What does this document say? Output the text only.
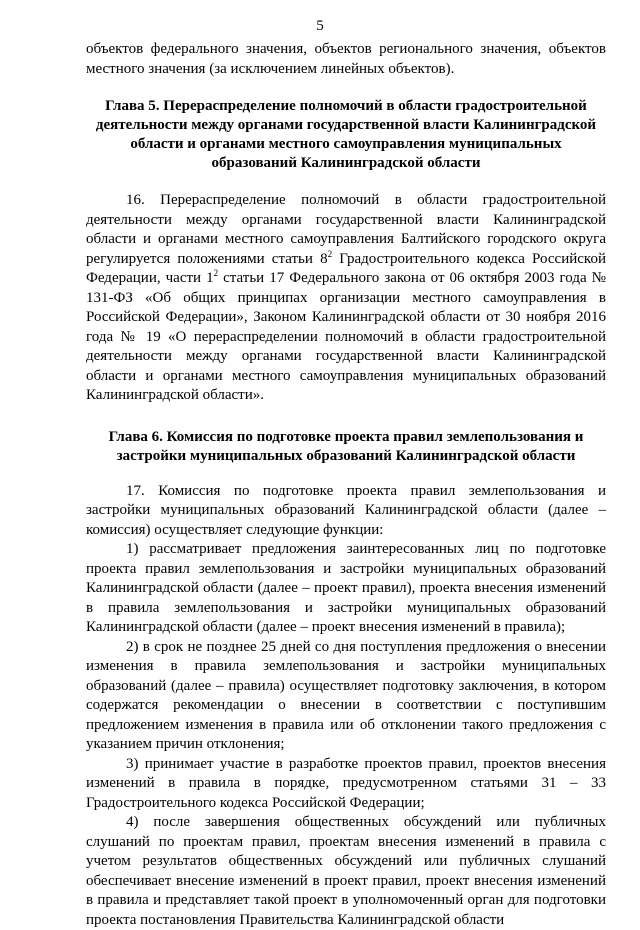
5

объектов федерального значения, объектов регионального значения, объектов местного значения (за исключением линейных объектов).

Глава 5. Перераспределение полномочий в области градостроительной деятельности между органами государственной власти Калининградской области и органами местного самоуправления муниципальных образований Калининградской области

16. Перераспределение полномочий в области градостроительной деятельности между органами государственной власти Калининградской области и органами местного самоуправления Балтийского городского округа регулируется положениями статьи $8^2$ Градостроительного кодекса Российской Федерации, части $1^2$ статьи 17 Федерального закона от 06 октября 2003 года № 131-ФЗ «Об общих принципах организации местного самоуправления в Российской Федерации», Законом Калининградской области от 30 ноября 2016 года № 19 «О перераспределении полномочий в области градостроительной деятельности между органами государственной власти Калининградской области и органами местного самоуправления муниципальных образований Калининградской области».

Глава 6. Комиссия по подготовке проекта правил землепользования и застройки муниципальных образований Калининградской области

17. Комиссия по подготовке проекта правил землепользования и застройки муниципальных образований Калининградской области (далее – комиссия) осуществляет следующие функции:

1) рассматривает предложения заинтересованных лиц по подготовке проекта правил землепользования и застройки муниципальных образований Калининградской области (далее – проект правил), проекта внесения изменений в правила землепользования и застройки муниципальных образований Калининградской области (далее – проект внесения изменений в правила);

2) в срок не позднее 25 дней со дня поступления предложения о внесении изменения в правила землепользования и застройки муниципальных образований (далее – правила) осуществляет подготовку заключения, в котором содержатся рекомендации о внесении в соответствии с поступившим предложением изменения в правила или об отклонении такого предложения с указанием причин отклонения;

3) принимает участие в разработке проектов правил, проектов внесения изменений в правила в порядке, предусмотренном статьями 31 – 33 Градостроительного кодекса Российской Федерации;

4) после завершения общественных обсуждений или публичных слушаний по проектам правил, проектам внесения изменений в правила с учетом результатов общественных обсуждений или публичных слушаний обеспечивает внесение изменений в проект правил, проект внесения изменений в правила и представляет такой проект в уполномоченный орган для подготовки проекта постановления Правительства Калининградской области
